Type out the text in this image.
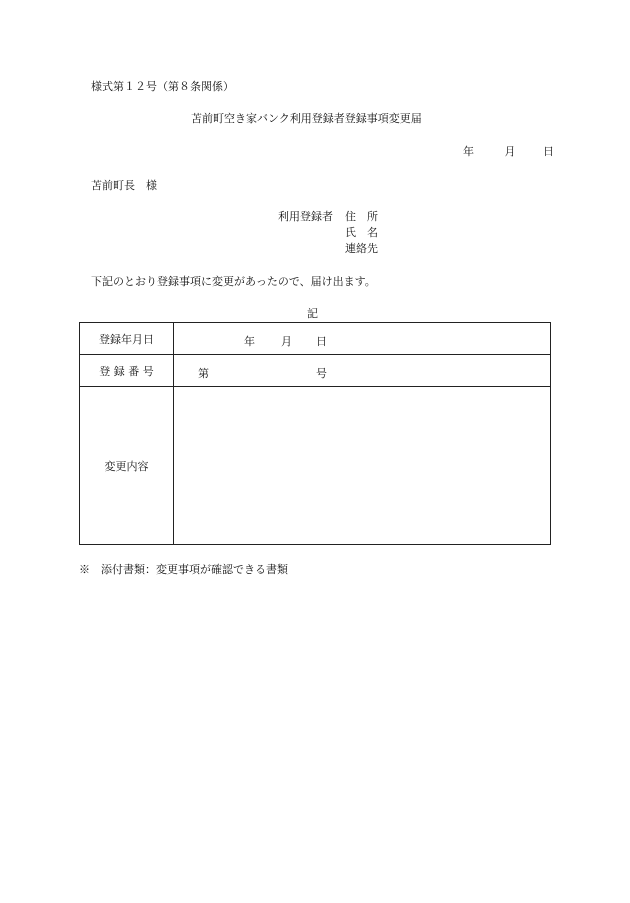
様式第１２号（第８条関係）
苫前町空き家バンク利用登録者登録事項変更届
年	月	日
苫前町長　様
利用登録者	住　所
氏　名
連絡先
下記のとおり登録事項に変更があったので、届け出ます。
記
登録年月日	年 月 日

登 録 番 号	第 号

変更内容	
※　添付書類：変更事項が確認できる書類
